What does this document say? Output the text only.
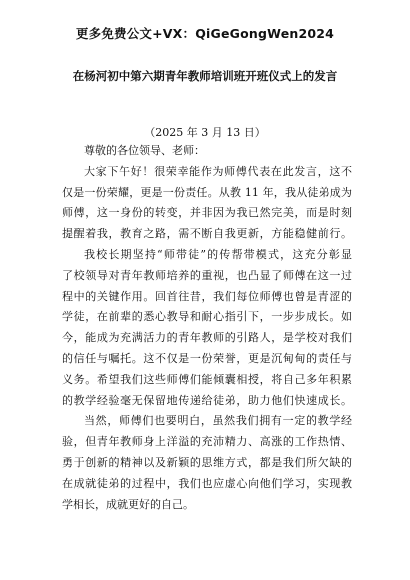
更多免费公文+VX：QiGeGongWen2024
在杨河初中第六期青年教师培训班开班仪式上的发言
（2025 年 3 月 13 日）

尊敬的各位领导、老师：

大家下午好！很荣幸能作为师傅代表在此发言，这不
仅是一份荣耀，更是一份责任。从教 11 年，我从徒弟成为
师傅，这一身份的转变，并非因为我已然完美，而是时刻
提醒着我，教育之路，需不断自我更新，方能稳健前行。

我校长期坚持“师带徒”的传帮带模式，这充分彰显
了校领导对青年教师培养的重视，也凸显了师傅在这一过
程中的关键作用。回首往昔，我们每位师傅也曾是青涩的
学徒，在前辈的悉心教导和耐心指引下，一步步成长。如
今，能成为充满活力的青年教师的引路人，是学校对我们
的信任与嘱托。这不仅是一份荣誉，更是沉甸甸的责任与
义务。希望我们这些师傅们能倾囊相授，将自己多年积累
的教学经验毫无保留地传递给徒弟，助力他们快速成长。

当然，师傅们也要明白，虽然我们拥有一定的教学经
验，但青年教师身上洋溢的充沛精力、高涨的工作热情、
勇于创新的精神以及新颖的思维方式，都是我们所欠缺的
在成就徒弟的过程中，我们也应虚心向他们学习，实现教
学相长，成就更好的自己。
